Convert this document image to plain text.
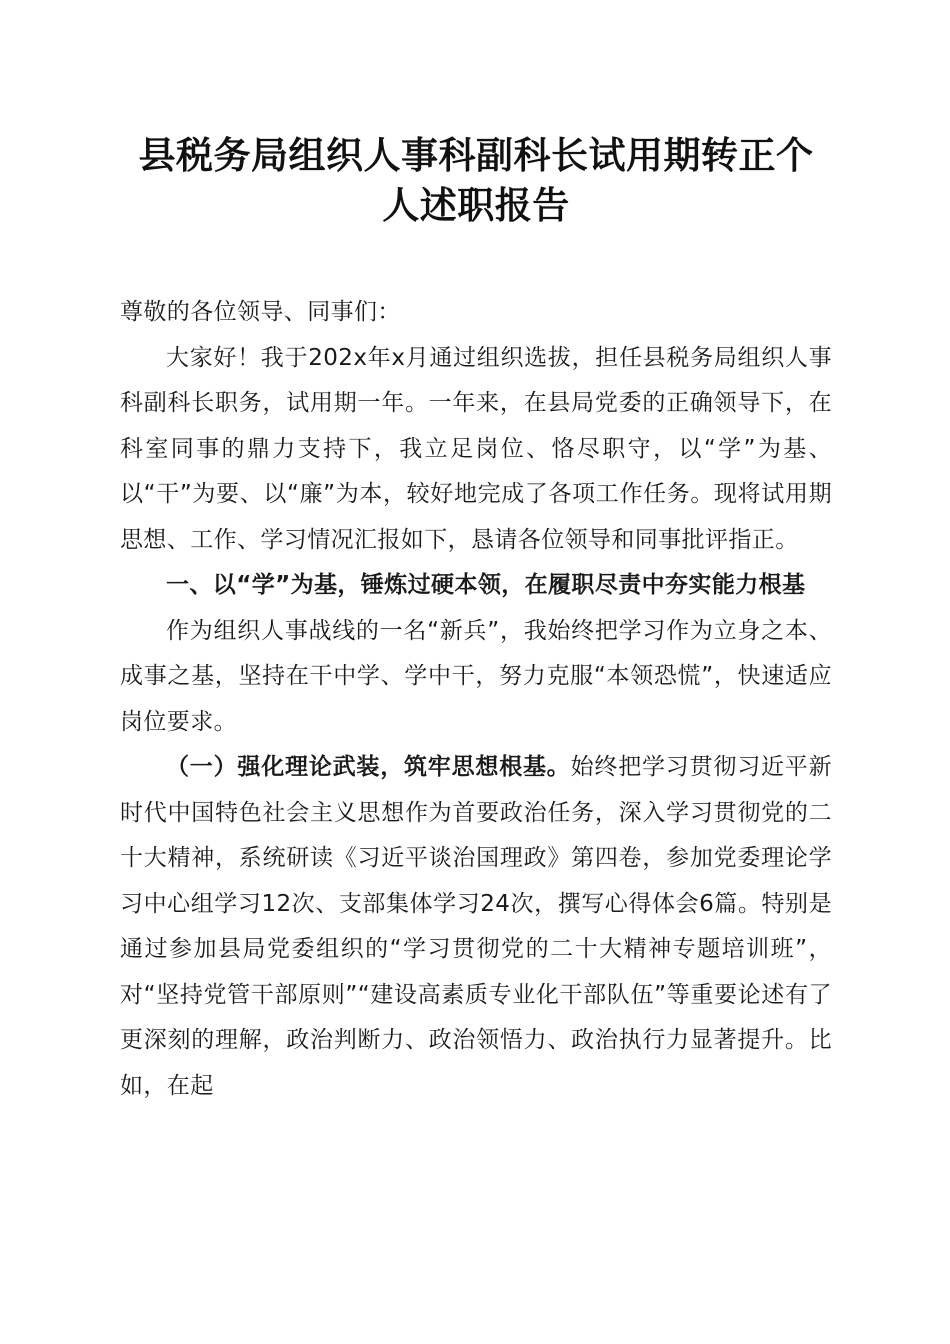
县税务局组织人事科副科长试用期转正个人述职报告

尊敬的各位领导、同事们：

大家好！我于202x年x月通过组织选拔，担任县税务局组织人事科副科长职务，试用期一年。一年来，在县局党委的正确领导下，在科室同事的鼎力支持下，我立足岗位、恪尽职守，以“学”为基、以“干”为要、以“廉”为本，较好地完成了各项工作任务。现将试用期思想、工作、学习情况汇报如下，恳请各位领导和同事批评指正。

一、以“学”为基，锤炼过硬本领，在履职尽责中夯实能力根基

作为组织人事战线的一名“新兵”，我始终把学习作为立身之本、成事之基，坚持在干中学、学中干，努力克服“本领恐慌”，快速适应岗位要求。

（一）强化理论武装，筑牢思想根基。始终把学习贯彻习近平新时代中国特色社会主义思想作为首要政治任务，深入学习贯彻党的二十大精神，系统研读《习近平谈治国理政》第四卷，参加党委理论学习中心组学习12次、支部集体学习24次，撰写心得体会6篇。特别是通过参加县局党委组织的“学习贯彻党的二十大精神专题培训班”，对“坚持党管干部原则”“建设高素质专业化干部队伍”等重要论述有了更深刻的理解，政治判断力、政治领悟力、政治执行力显著提升。比如，在起
